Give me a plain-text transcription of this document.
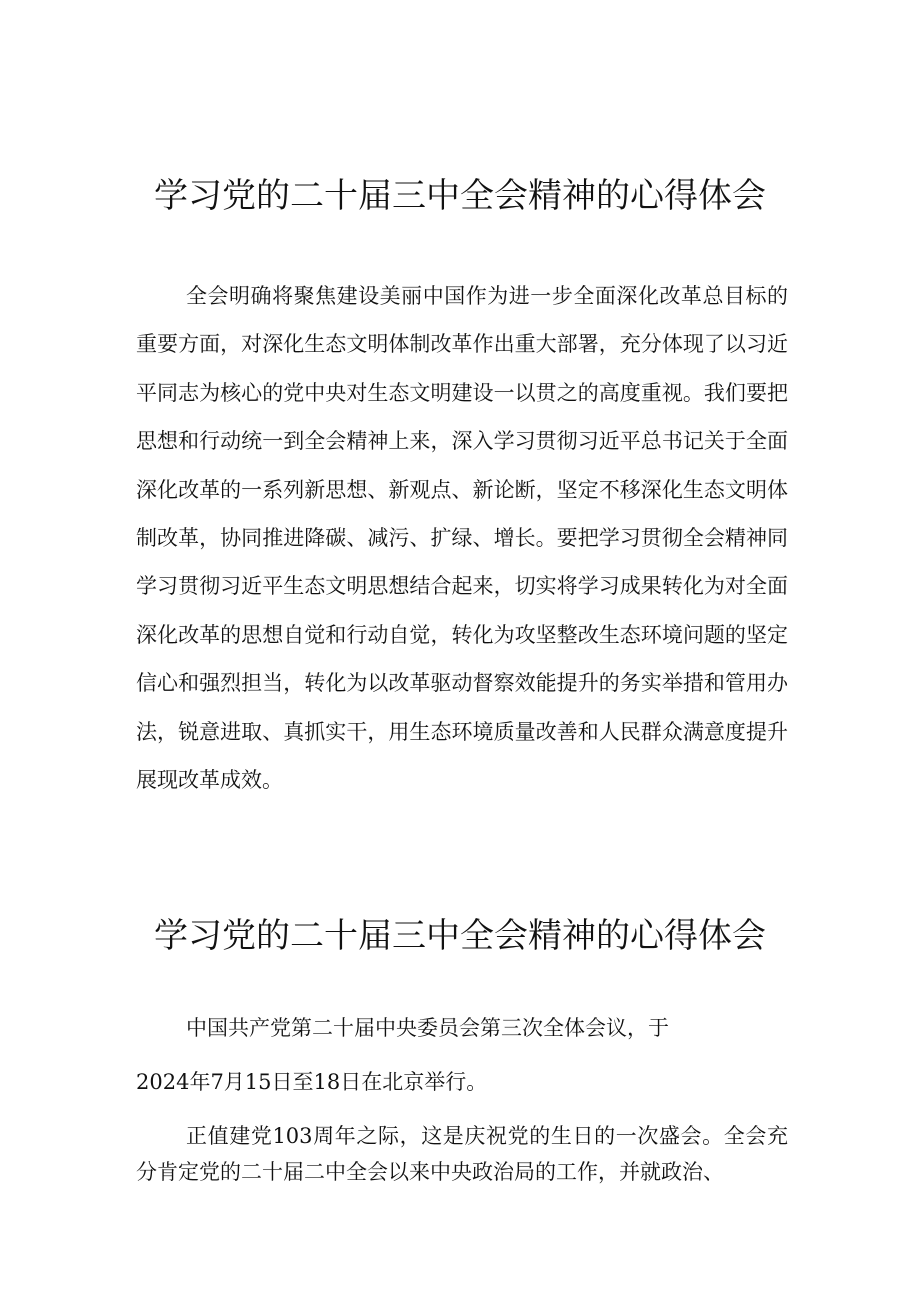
学习党的二十届三中全会精神的心得体会

全会明确将聚焦建设美丽中国作为进一步全面深化改革总目标的重要方面，对深化生态文明体制改革作出重大部署，充分体现了以习近平同志为核心的党中央对生态文明建设一以贯之的高度重视。我们要把思想和行动统一到全会精神上来，深入学习贯彻习近平总书记关于全面深化改革的一系列新思想、新观点、新论断，坚定不移深化生态文明体制改革，协同推进降碳、减污、扩绿、增长。要把学习贯彻全会精神同学习贯彻习近平生态文明思想结合起来，切实将学习成果转化为对全面深化改革的思想自觉和行动自觉，转化为攻坚整改生态环境问题的坚定信心和强烈担当，转化为以改革驱动督察效能提升的务实举措和管用办法，锐意进取、真抓实干，用生态环境质量改善和人民群众满意度提升展现改革成效。

学习党的二十届三中全会精神的心得体会

中国共产党第二十届中央委员会第三次全体会议，于

2024年7月15日至18日在北京举行。

正值建党103周年之际，这是庆祝党的生日的一次盛会。全会充分肯定党的二十届二中全会以来中央政治局的工作，并就政治、
